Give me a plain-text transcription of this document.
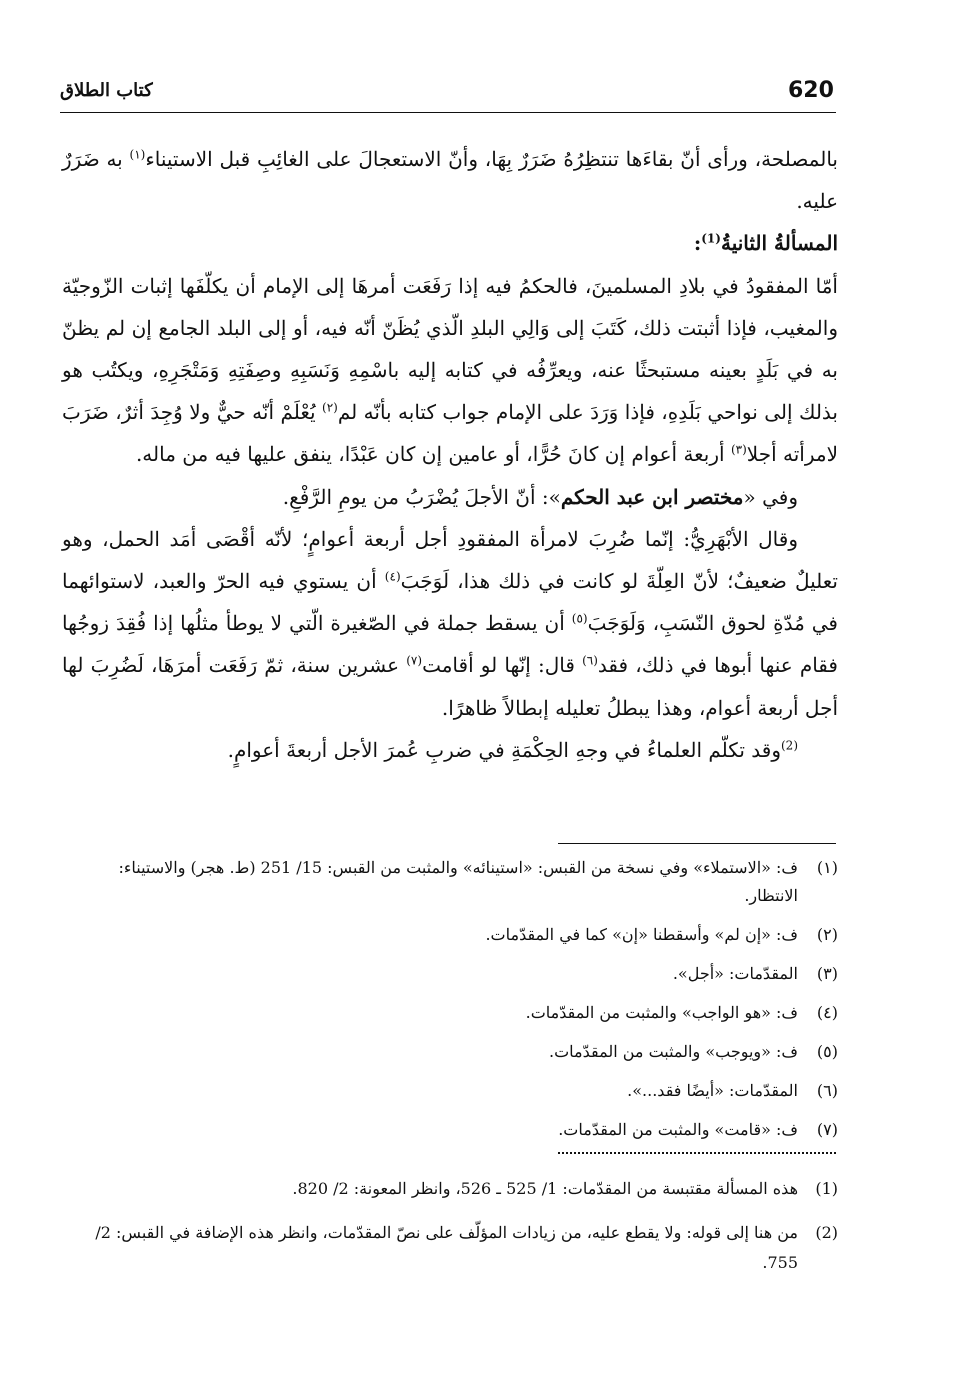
620
كتاب الطلاق

بالمصلحة، ورأى أنّ بقاءَها تنتظِرُهُ ضَرَرٌ بِهَا، وأنّ الاستعجالَ على الغائِبِ قبل الاستيناء$^{(١)}$ به ضَرَرٌ عليه.

المسألةُ الثانيةُ$^{(1)}$:

أمّا المفقودُ في بلادِ المسلمينَ، فالحكمُ فيه إذا رَفَعَت أمرهَا إلى الإمام أن يكلّفَها إثبات الزّوجيّة والمغيب، فإذا أثبتت ذلك، كَتَبَ إلى وَالِي البلدِ الّذي يُظَنّ أنّه فيه، أو إلى البلد الجامع إن لم يظنّ به في بَلَدٍ بعينه مستبحثًا عنه، ويعرِّفُه في كتابه إليه باسْمِهِ وَنَسَبِهِ وصِفَتِهِ وَمَتْجَرِهِ، ويكتُب هو بذلك إلى نواحي بَلَدِهِ، فإذا وَرَدَ على الإمام جواب كتابه بأنّه لم$^{(٢)}$ يُعْلَمْ أنّه حيٌّ ولا وُجِدَ أثرٌ، ضَرَبَ لامرأته أجلا$^{(٣)}$ أربعة أعوام إن كانَ حُرًّا، أو عامين إن كان عَبْدًا، ينفق عليها فيه من ماله.

وفي «مختصر ابن عبد الحكم»: أنّ الأجلَ يُضْرَبُ من يومِ الرَّفْعِ.

وقال الأبْهَرِيُّ: إنّما ضُرِبَ لامرأة المفقودِ أجل أربعة أعوامٍ؛ لأنّه أقْصَى أمَد الحمل، وهو تعليلٌ ضعيفٌ؛ لأنّ العِلّةَ لو كانت في ذلك هذا، لَوَجَبَ$^{(٤)}$ أن يستوي فيه الحرّ والعبد، لاستوائهما في مُدّةِ لحوق النّسَبِ، وَلَوَجَبَ$^{(٥)}$ أن يسقط جملة في الصّغيرة الّتي لا يوطأ مثلُها إذا فُقِدَ زوجُها فقام عنها أبوها في ذلك، فقد$^{(٦)}$ قال: إنّها لو أقامت$^{(٧)}$ عشرين سنة، ثمّ رَفَعَت أمرَهَا، لَضُرِبَ لها أجل أربعة أعوام، وهذا يبطلُ تعليله إبطالاً ظاهرًا.

$^{(2)}$وقد تكلّم العلماءُ في وجهِ الحِكْمَةِ في ضربِ عُمرَ الأجل أربعةَ أعوامٍ.

(١)
ف: «الاستملاء» وفي نسخة من القبس: «استينائه» والمثبت من القبس: 15/ 251 (ط. هجر) والاستيناء: الانتظار.
(٢)
ف: «إن لم» وأسقطنا «إن» كما في المقدّمات.
(٣)
المقدّمات: «أجل».
(٤)
ف: «هو الواجب» والمثبت من المقدّمات.
(٥)
ف: «ويوجب» والمثبت من المقدّمات.
(٦)
المقدّمات: «أيضًا فقد...».
(٧)
ف: «قامت» والمثبت من المقدّمات.
(1)
هذه المسألة مقتبسة من المقدّمات: 1/ 525 ـ 526، وانظر المعونة: 2/ 820.
(2)
من هنا إلى قوله: ولا يقطع عليه، من زيادات المؤلّف على نصّ المقدّمات، وانظر هذه الإضافة في القبس: 2/ 755.
